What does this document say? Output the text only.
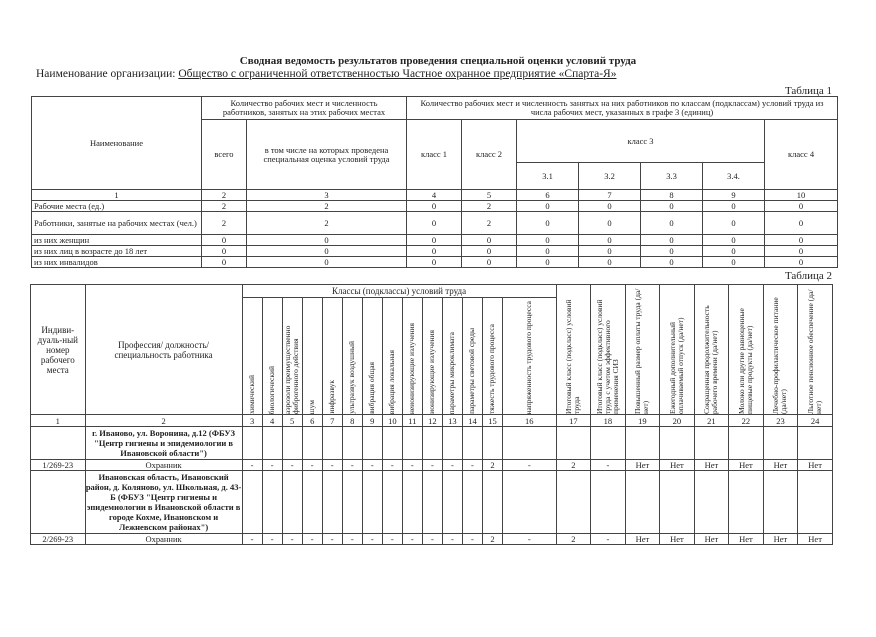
Сводная ведомость результатов проведения специальной оценки условий труда
Наименование организации: Общество с ограниченной ответственностью Частное охранное предприятие «Спарта-Я»
Таблица 1
Наименование	Количество рабочих мест и численность работников, занятых на этих рабочих местах		Количество рабочих мест и численность занятых на них работников по классам (подклассам) условий труда из числа рабочих мест, указанных в графе 3 (единиц)						
	всего	в том числе на которых проведена специальная оценка условий труда	класс 1	класс 2	класс 3				класс 4
					3.1	3.2	3.3	3.4.	
1	2	3	4	5	6	7	8	9	10
Рабочие места (ед.)	2	2	0	2	0	0	0	0	0
Работники, занятые на рабочих местах (чел.)	2	2	0	2	0	0	0	0	0
из них женщин	0	0	0	0	0	0	0	0	0
из них лиц в возрасте до 18 лет	0	0	0	0	0	0	0	0	0
из них инвалидов	0	0	0	0	0	0	0	0	0
Таблица 2
Индиви-дуаль-ный номер рабочего места	Профессия/ должность/ специальность работника	Классы (подклассы) условий труда														Итоговый класс (подкласс) условий труда	Итоговый класс (подкласс) условий труда с учетом эффективного применения СИЗ	Повышенный размер оплаты труда (да/нет)	Ежегодный дополнительный оплачиваемый отпуск (да/нет)	Сокращенная продолжительность рабочего времени (да/нет)	Молоко или другие равноценные пищевые продукты (да/нет)	Лечебно-профилактическое питание (да/нет)	Льготное пенсионное обеспечение (да/нет)

		химический	биологический	аэрозоли преимущественно фиброгенного действия	шум	инфразвук	ультразвук воздушный	вибрация общая	вибрация локальная	неионизирующие излучения	ионизирующие излучения	параметры микроклимата	параметры световой среды	тяжесть трудового процесса	напряженность трудового процесса								

1	2	3	4	5	6	7	8	9	10	11	12	13	14	15	16	17	18	19	20	21	22	23	24
	г. Иваново, ул. Воронина, д.12 (ФБУЗ "Центр гигиены и эпидемиологии в Ивановской области")																						
1/269-23	Охранник	-	-	-	-	-	-	-	-	-	-	-	-	2	-	2	-	Нет	Нет	Нет	Нет	Нет	Нет
	Ивановская область, Ивановский район, д. Коляново, ул. Школьная, д. 43-Б (ФБУЗ "Центр гигиены и эпидемиологии в Ивановской области в городе Кохме, Ивановском и Лежневском районах")																						
2/269-23	Охранник	-	-	-	-	-	-	-	-	-	-	-	-	2	-	2	-	Нет	Нет	Нет	Нет	Нет	Нет
